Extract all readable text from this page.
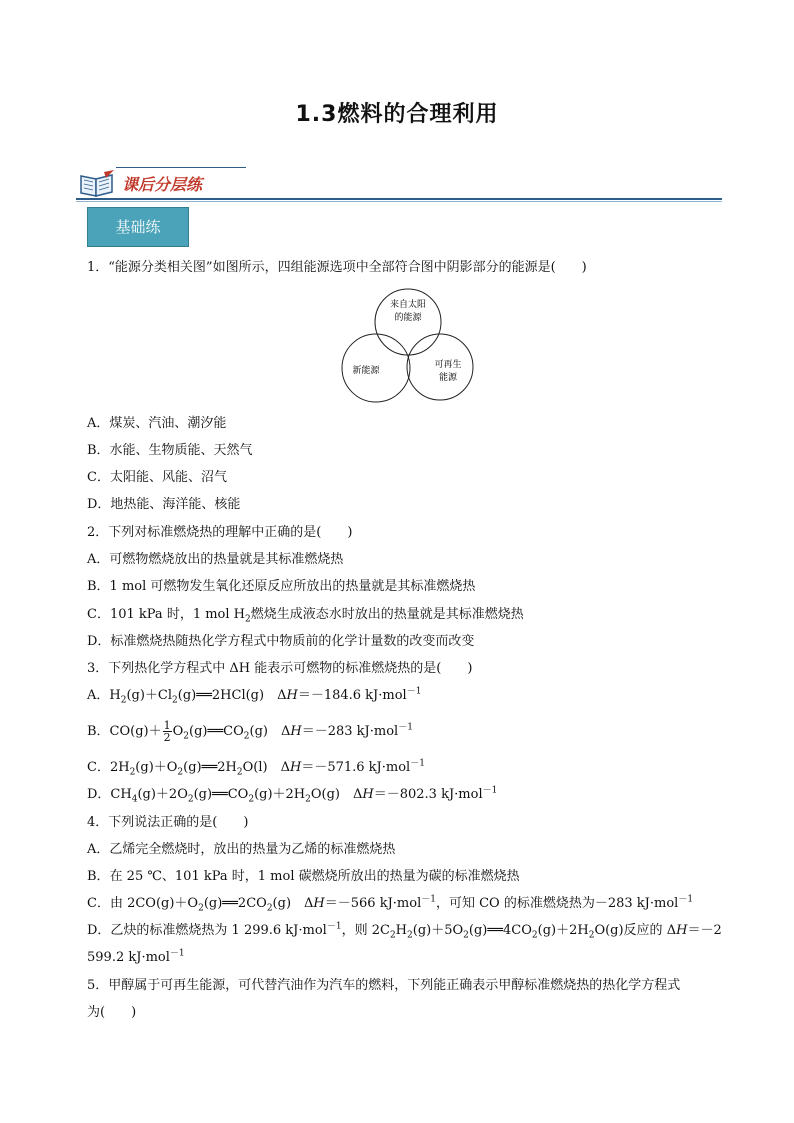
1.3燃料的合理利用
课后分层练
基础练
1．“能源分类相关图”如图所示，四组能源选项中全部符合图中阴影部分的能源是(　　)
来自太阳
的能源
新能源
可再生
能源
A．煤炭、汽油、潮汐能
B．水能、生物质能、天然气
C．太阳能、风能、沼气
D．地热能、海洋能、核能
2．下列对标准燃烧热的理解中正确的是(　　)
A．可燃物燃烧放出的热量就是其标准燃烧热
B．1 mol 可燃物发生氧化还原反应所放出的热量就是其标准燃烧热
C．101 kPa 时，1 mol $H_2$燃烧生成液态水时放出的热量就是其标准燃烧热
D．标准燃烧热随热化学方程式中物质前的化学计量数的改变而改变
3．下列热化学方程式中 ΔH 能表示可燃物的标准燃烧热的是(　　)
A．$H_2(g)+Cl_2(g)══2HCl(g)$　ΔH＝－184.6 kJ·mol$^{-1}$
B．$CO(g)+ \frac{1}{2}$ $O_2(g)══CO_2(g)$　ΔH＝－283 kJ·mol$^{-1}$
C．$2H_2(g)+O_2(g)══2H_2O(l)$　ΔH＝－571.6 kJ·mol$^{-1}$
D．$CH_4(g)+2O_2(g)══CO_2(g)+2H_2O(g)$　ΔH＝－802.3 kJ·mol$^{-1}$
4．下列说法正确的是(　　)
A．乙烯完全燃烧时，放出的热量为乙烯的标准燃烧热
B．在 25 ℃、101 kPa 时，1 mol 碳燃烧所放出的热量为碳的标准燃烧热
C．由 $2CO(g)+O_2(g)══2CO_2(g)$　ΔH＝－566 kJ·mol$^{-1}$，可知 CO 的标准燃烧热为－283 kJ·mol$^{-1}$
D．乙炔的标准燃烧热为 1 299.6 kJ·mol$^{-1}$，则 $2C_2H_2(g)+5O_2(g)══4CO_2(g)+2H_2O(g)$反应的 ΔH＝－2
599.2 kJ·mol$^{-1}$
5．甲醇属于可再生能源，可代替汽油作为汽车的燃料，下列能正确表示甲醇标准燃烧热的热化学方程式
为(　　)
